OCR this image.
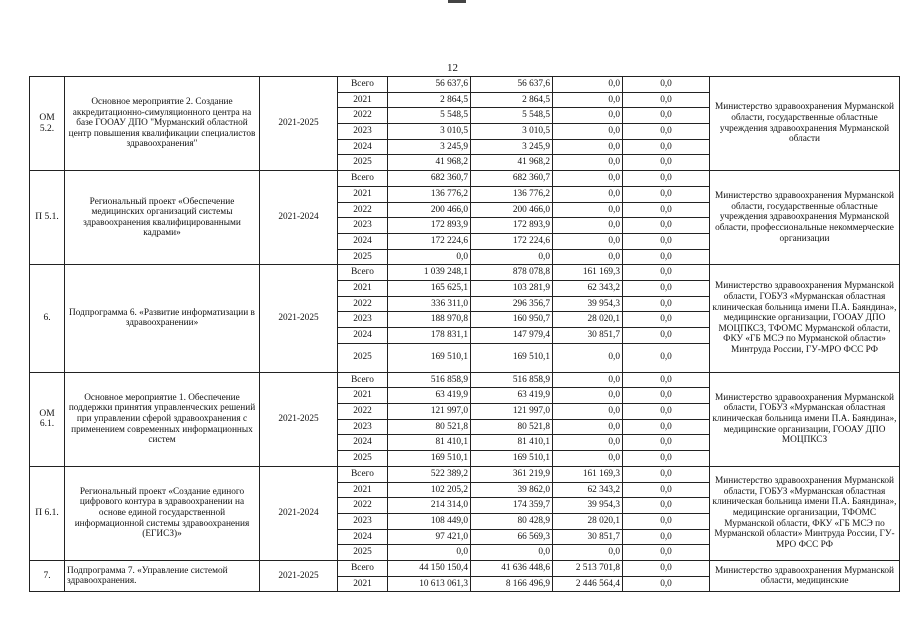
12
ОМ 5.2.	Основное мероприятие 2. Создание аккредитационно-симуляционного центра на базе ГООАУ ДПО "Мурманский областной центр повышения квалификации специалистов здравоохранения"	2021-2025	Всего	56 637,6	56 637,6	0,0	0,0	Министерство здравоохранения Мурманской области, государственные областные учреждения здравоохранения Мурманской области
			2021	2 864,5	2 864,5	0,0	0,0	
			2022	5 548,5	5 548,5	0,0	0,0	
			2023	3 010,5	3 010,5	0,0	0,0	
			2024	3 245,9	3 245,9	0,0	0,0	
			2025	41 968,2	41 968,2	0,0	0,0	
П 5.1.	Региональный проект «Обеспечение медицинских организаций системы здравоохранения квалифицированными кадрами»	2021-2024	Всего	682 360,7	682 360,7	0,0	0,0	Министерство здравоохранения Мурманской области, государственные областные учреждения здравоохранения Мурманской области, профессиональные некоммерческие организации
			2021	136 776,2	136 776,2	0,0	0,0	
			2022	200 466,0	200 466,0	0,0	0,0	
			2023	172 893,9	172 893,9	0,0	0,0	
			2024	172 224,6	172 224,6	0,0	0,0	
			2025	0,0	0,0	0,0	0,0	
6.	Подпрограмма 6. «Развитие информатизации в здравоохранении»	2021-2025	Всего	1 039 248,1	878 078,8	161 169,3	0,0	Министерство здравоохранения Мурманской области, ГОБУЗ «Мурманская областная клиническая больница имени П.А. Баяндина», медицинские организации, ГООАУ ДПО МОЦПКСЗ, ТФОМС Мурманской области, ФКУ «ГБ МСЭ по Мурманской области» Минтруда России, ГУ-МРО ФСС РФ
			2021	165 625,1	103 281,9	62 343,2	0,0	
			2022	336 311,0	296 356,7	39 954,3	0,0	
			2023	188 970,8	160 950,7	28 020,1	0,0	
			2024	178 831,1	147 979,4	30 851,7	0,0	
			2025	169 510,1	169 510,1	0,0	0,0	
ОМ 6.1.	Основное мероприятие 1. Обеспечение поддержки принятия управленческих решений при управлении сферой здравоохранения с применением современных информационных систем	2021-2025	Всего	516 858,9	516 858,9	0,0	0,0	Министерство здравоохранения Мурманской области, ГОБУЗ «Мурманская областная клиническая больница имени П.А. Баяндина», медицинские организации, ГООАУ ДПО МОЦПКСЗ
			2021	63 419,9	63 419,9	0,0	0,0	
			2022	121 997,0	121 997,0	0,0	0,0	
			2023	80 521,8	80 521,8	0,0	0,0	
			2024	81 410,1	81 410,1	0,0	0,0	
			2025	169 510,1	169 510,1	0,0	0,0	
П 6.1.	Региональный проект «Создание единого цифрового контура в здравоохранении на основе единой государственной информационной системы здравоохранения (ЕГИСЗ)»	2021-2024	Всего	522 389,2	361 219,9	161 169,3	0,0	Министерство здравоохранения Мурманской области, ГОБУЗ «Мурманская областная клиническая больница имени П.А. Баяндина», медицинские организации, ТФОМС Мурманской области, ФКУ «ГБ МСЭ по Мурманской области» Минтруда России, ГУ-МРО ФСС РФ
			2021	102 205,2	39 862,0	62 343,2	0,0	
			2022	214 314,0	174 359,7	39 954,3	0,0	
			2023	108 449,0	80 428,9	28 020,1	0,0	
			2024	97 421,0	66 569,3	30 851,7	0,0	
			2025	0,0	0,0	0,0	0,0	
7.	Подпрограмма 7. «Управление системой здравоохранения.	2021-2025	Всего	44 150 150,4	41 636 448,6	2 513 701,8	0,0	Министерство здравоохранения Мурманской области, медицинские
			2021	10 613 061,3	8 166 496,9	2 446 564,4	0,0	
